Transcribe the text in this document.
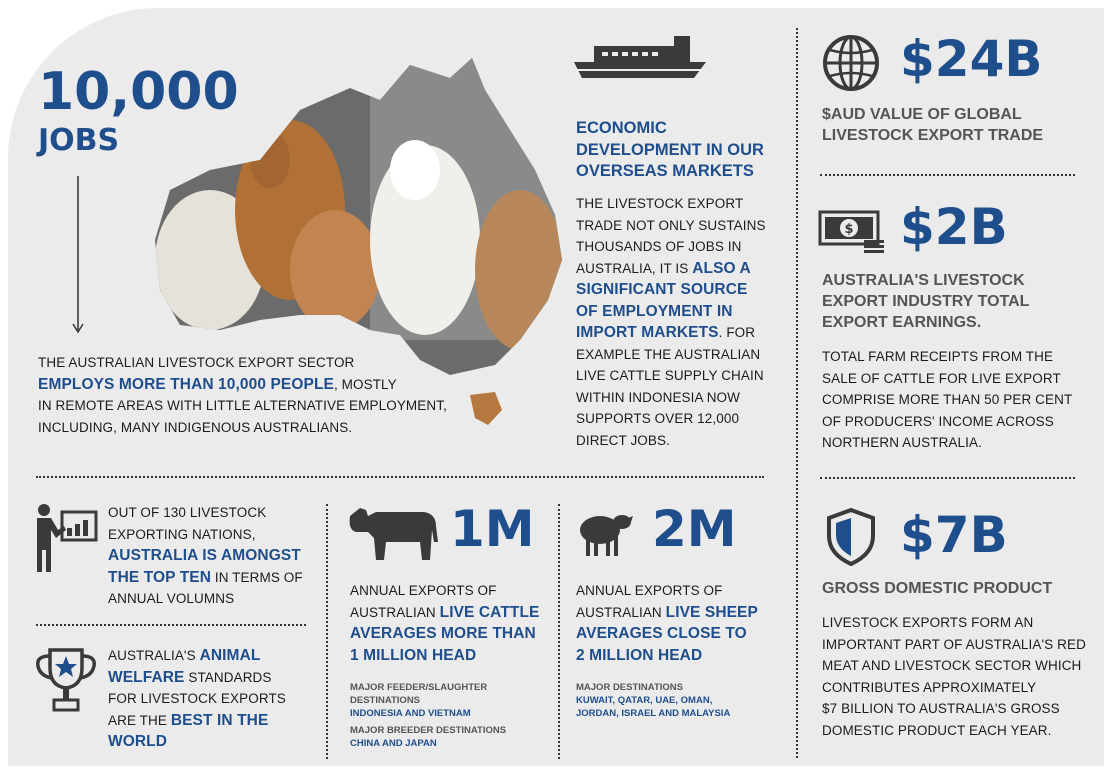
10,000
JOBS
THE AUSTRALIAN LIVESTOCK EXPORT SECTOR
EMPLOYS MORE THAN 10,000 PEOPLE, MOSTLY
IN REMOTE AREAS WITH LITTLE ALTERNATIVE EMPLOYMENT,
INCLUDING, MANY INDIGENOUS AUSTRALIANS.
ECONOMIC
DEVELOPMENT IN OUR
OVERSEAS MARKETS
THE LIVESTOCK EXPORT
TRADE NOT ONLY SUSTAINS
THOUSANDS OF JOBS IN
AUSTRALIA, IT IS ALSO A
SIGNIFICANT SOURCE
OF EMPLOYMENT IN
IMPORT MARKETS. FOR
EXAMPLE THE AUSTRALIAN
LIVE CATTLE SUPPLY CHAIN
WITHIN INDONESIA NOW
SUPPORTS OVER 12,000
DIRECT JOBS.
$24B
$AUD VALUE OF GLOBAL
LIVESTOCK EXPORT TRADE
$ $2B
AUSTRALIA'S LIVESTOCK
EXPORT INDUSTRY TOTAL
EXPORT EARNINGS.
TOTAL FARM RECEIPTS FROM THE
SALE OF CATTLE FOR LIVE EXPORT
COMPRISE MORE THAN 50 PER CENT
OF PRODUCERS' INCOME ACROSS
NORTHERN AUSTRALIA.
$7B
GROSS DOMESTIC PRODUCT
LIVESTOCK EXPORTS FORM AN
IMPORTANT PART OF AUSTRALIA'S RED
MEAT AND LIVESTOCK SECTOR WHICH
CONTRIBUTES APPROXIMATELY
$7 BILLION TO AUSTRALIA'S GROSS
DOMESTIC PRODUCT EACH YEAR.
OUT OF 130 LIVESTOCK
EXPORTING NATIONS,
AUSTRALIA IS AMONGST
THE TOP TEN IN TERMS OF
ANNUAL VOLUMNS
AUSTRALIA'S ANIMAL
WELFARE STANDARDS
FOR LIVESTOCK EXPORTS
ARE THE BEST IN THE
WORLD
1M
ANNUAL EXPORTS OF
AUSTRALIAN LIVE CATTLE
AVERAGES MORE THAN
1 MILLION HEAD
MAJOR FEEDER/SLAUGHTER
DESTINATIONS
INDONESIA AND VIETNAM
MAJOR BREEDER DESTINATIONS
CHINA AND JAPAN
2M
ANNUAL EXPORTS OF
AUSTRALIAN LIVE SHEEP
AVERAGES CLOSE TO
2 MILLION HEAD
MAJOR DESTINATIONS
KUWAIT, QATAR, UAE, OMAN,
JORDAN, ISRAEL AND MALAYSIA
